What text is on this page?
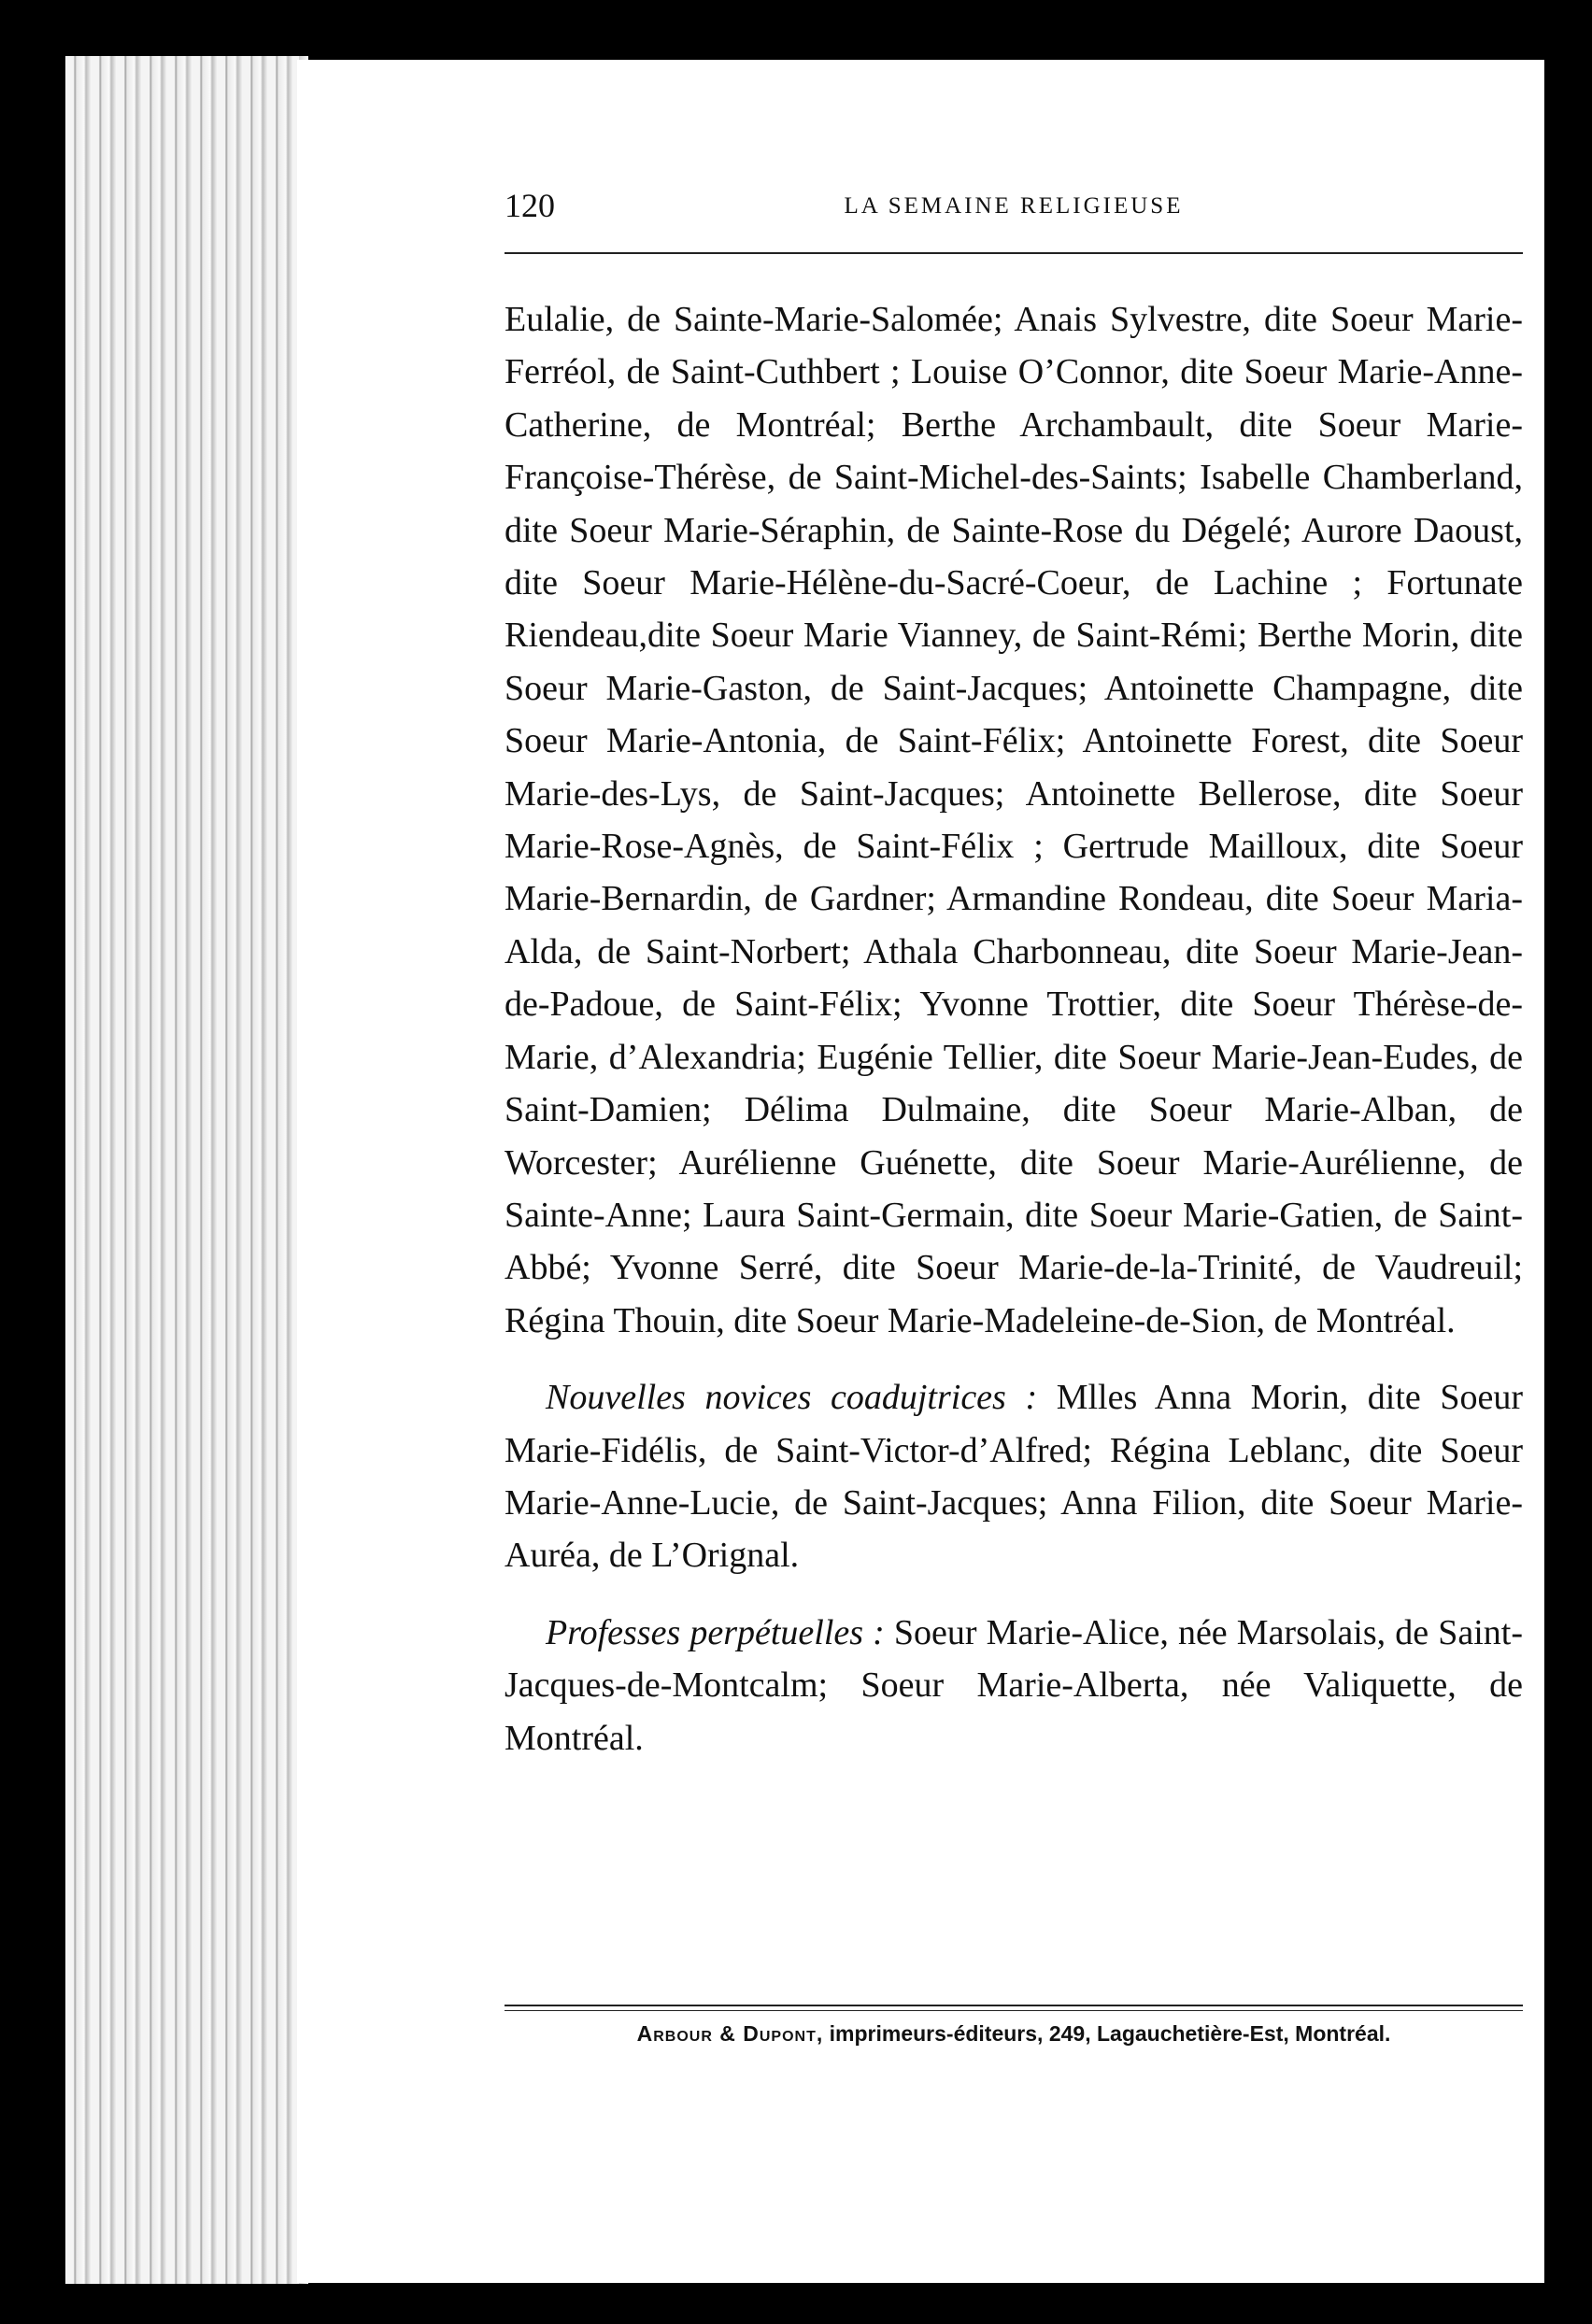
120	LA SEMAINE RELIGIEUSE

Eulalie, de Sainte-Marie-Salomée; Anais Sylvestre, dite Soeur Marie-Ferréol, de Saint-Cuthbert ; Louise O’Connor, dite Soeur Marie-Anne-Catherine, de Montréal; Berthe Archambault, dite Soeur Marie-Françoise-Thérèse, de Saint-Michel-des-Saints; Isabelle Chamberland, dite Soeur Marie-Séraphin, de Sainte-Rose du Dégelé; Aurore Daoust, dite Soeur Marie-Hélène-du-Sacré-Coeur, de Lachine ; Fortunate Riendeau,dite Soeur Marie Vianney, de Saint-Rémi; Berthe Morin, dite Soeur Marie-Gaston, de Saint-Jacques; Antoinette Champagne, dite Soeur Marie-Antonia, de Saint-Félix; Antoinette Forest, dite Soeur Marie-des-Lys, de Saint-Jacques; Antoinette Bellerose, dite Soeur Marie-Rose-Agnès, de Saint-Félix ; Gertrude Mailloux, dite Soeur Marie-Bernardin, de Gardner; Armandine Rondeau, dite Soeur Maria-Alda, de Saint-Norbert; Athala Charbonneau, dite Soeur Marie-Jean-de-Padoue, de Saint-Félix; Yvonne Trottier, dite Soeur Thérèse-de-Marie, d’Alexandria; Eugénie Tellier, dite Soeur Marie-Jean-Eudes, de Saint-Damien; Délima Dulmaine, dite Soeur Marie-Alban, de Worcester; Aurélienne Guénette, dite Soeur Marie-Aurélienne, de Sainte-Anne; Laura Saint-Germain, dite Soeur Marie-Gatien, de Saint-Abbé; Yvonne Serré, dite Soeur Marie-de-la-Trinité, de Vaudreuil; Régina Thouin, dite Soeur Marie-Madeleine-de-Sion, de Montréal.

Nouvelles novices coadujtrices : Mlles Anna Morin, dite Soeur Marie-Fidélis, de Saint-Victor-d’Alfred; Régina Leblanc, dite Soeur Marie-Anne-Lucie, de Saint-Jacques; Anna Filion, dite Soeur Marie-Auréa, de L’Orignal.

Professes perpétuelles : Soeur Marie-Alice, née Marsolais, de Saint-Jacques-de-Montcalm; Soeur Marie-Alberta, née Valiquette, de Montréal.

Arbour & Dupont, imprimeurs-éditeurs, 249, Lagauchetière-Est, Montréal.
